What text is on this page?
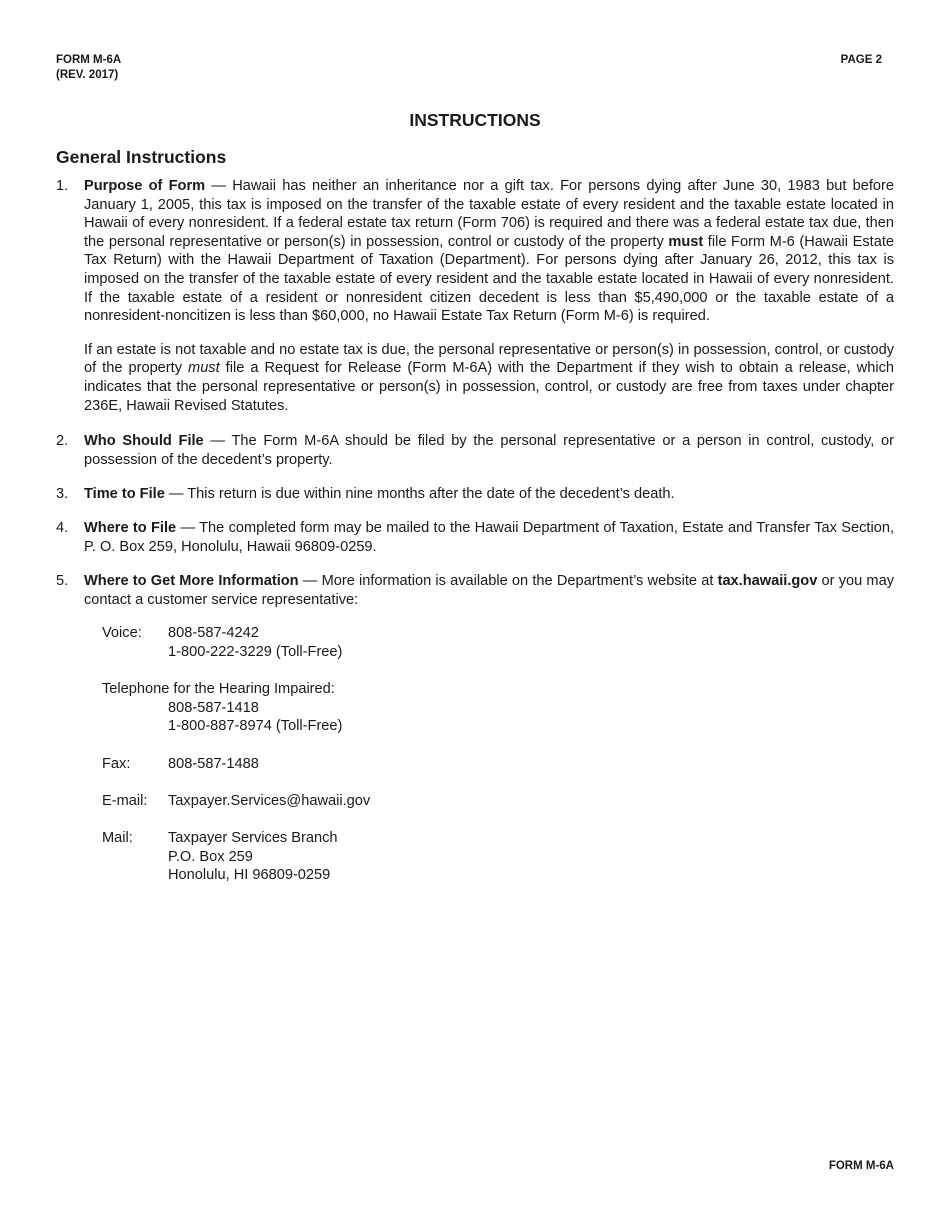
FORM M-6A
(REV. 2017)
PAGE 2
INSTRUCTIONS
General Instructions
1. Purpose of Form — Hawaii has neither an inheritance nor a gift tax. For persons dying after June 30, 1983 but before January 1, 2005, this tax is imposed on the transfer of the taxable estate of every resident and the taxable estate located in Hawaii of every nonresident. If a federal estate tax return (Form 706) is required and there was a federal estate tax due, then the personal representative or person(s) in possession, control or custody of the property must file Form M-6 (Hawaii Estate Tax Return) with the Hawaii Department of Taxation (Department). For persons dying after January 26, 2012, this tax is imposed on the transfer of the taxable estate of every resident and the taxable estate located in Hawaii of every nonresident. If the taxable estate of a resident or nonresident citizen decedent is less than $5,490,000 or the taxable estate of a nonresident-noncitizen is less than $60,000, no Hawaii Estate Tax Return (Form M-6) is required.

If an estate is not taxable and no estate tax is due, the personal representative or person(s) in possession, control, or custody of the property must file a Request for Release (Form M-6A) with the Department if they wish to obtain a release, which indicates that the personal representative or person(s) in possession, control, or custody are free from taxes under chapter 236E, Hawaii Revised Statutes.

2. Who Should File — The Form M-6A should be filed by the personal representative or a person in control, custody, or possession of the decedent’s property.

3. Time to File — This return is due within nine months after the date of the decedent’s death.

4. Where to File — The completed form may be mailed to the Hawaii Department of Taxation, Estate and Transfer Tax Section, P. O. Box 259, Honolulu, Hawaii 96809-0259.

5. Where to Get More Information — More information is available on the Department’s website at tax.hawaii.gov or you may contact a customer service representative:

Voice: 808-587-4242
1-800-222-3229 (Toll-Free)
Telephone for the Hearing Impaired:
808-587-1418
1-800-887-8974 (Toll-Free)
Fax:	808-587-1488
E-mail: Taxpayer.Services@hawaii.gov
Mail: Taxpayer Services Branch
P.O. Box 259
Honolulu, HI 96809-0259
FORM M-6A
